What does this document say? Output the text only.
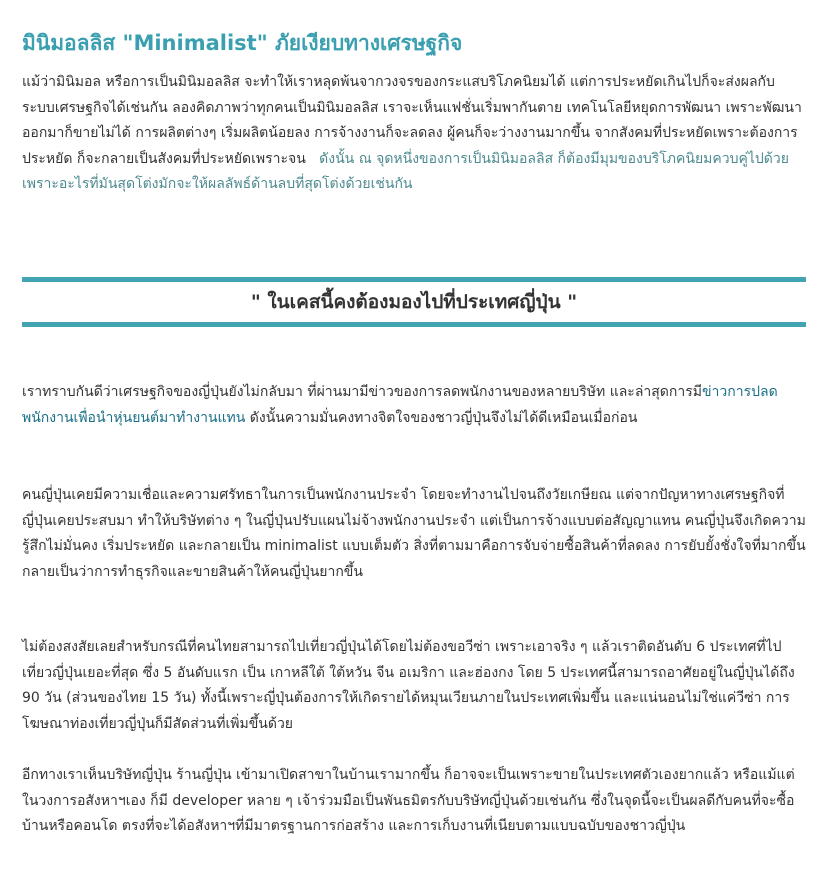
มินิมอลลิส "Minimalist" ภัยเงียบทางเศรษฐกิจ

แม้ว่ามินิมอล หรือการเป็นมินิมอลลิส จะทำให้เราหลุดพ้นจากวงจรของกระแสบริโภคนิยมได้ แต่การประหยัดเกินไปก็จะส่งผลกับระบบเศรษฐกิจได้เช่นกัน ลองคิดภาพว่าทุกคนเป็นมินิมอลลิส เราจะเห็นแฟชั่นเริ่มพากันตาย เทคโนโลยีหยุดการพัฒนา เพราะพัฒนาออกมาก็ขายไม่ได้ การผลิตต่างๆ เริ่มผลิตน้อยลง การจ้างงานก็จะลดลง ผู้คนก็จะว่างงานมากขึ้น จากสังคมที่ประหยัดเพราะต้องการประหยัด ก็จะกลายเป็นสังคมที่ประหยัดเพราะจน ดังนั้น ณ จุดหนึ่งของการเป็นมินิมอลลิส ก็ต้องมีมุมของบริโภคนิยมควบคู่ไปด้วย เพราะอะไรที่มันสุดโต่งมักจะให้ผลลัพธ์ด้านลบที่สุดโต่งด้วยเช่นกัน

" ในเคสนี้คงต้องมองไปที่ประเทศญี่ปุ่น "

เราทราบกันดีว่าเศรษฐกิจของญี่ปุ่นยังไม่กลับมา ที่ผ่านมามีข่าวของการลดพนักงานของหลายบริษัท และล่าสุดการมีข่าวการปลดพนักงานเพื่อนำหุ่นยนต์มาทำงานแทน ดังนั้นความมั่นคงทางจิตใจของชาวญี่ปุ่นจึงไม่ได้ดีเหมือนเมื่อก่อน

คนญี่ปุ่นเคยมีความเชื่อและความศรัทธาในการเป็นพนักงานประจำ โดยจะทำงานไปจนถึงวัยเกษียณ แต่จากปัญหาทางเศรษฐกิจที่ญี่ปุ่นเคยประสบมา ทำให้บริษัทต่าง ๆ ในญี่ปุ่นปรับแผนไม่จ้างพนักงานประจำ แต่เป็นการจ้างแบบต่อสัญญาแทน คนญี่ปุ่นจึงเกิดความรู้สึกไม่มั่นคง เริ่มประหยัด และกลายเป็น minimalist แบบเต็มตัว สิ่งที่ตามมาคือการจับจ่ายซื้อสินค้าที่ลดลง การยับยั้งชั่งใจที่มากขึ้น กลายเป็นว่าการทำธุรกิจและขายสินค้าให้คนญี่ปุ่นยากขึ้น

ไม่ต้องสงสัยเลยสำหรับกรณีที่คนไทยสามารถไปเที่ยวญี่ปุ่นได้โดยไม่ต้องขอวีซ่า เพราะเอาจริง ๆ แล้วเราติดอันดับ 6 ประเทศที่ไปเที่ยวญี่ปุ่นเยอะที่สุด ซึ่ง 5 อันดับแรก เป็น เกาหลีใต้ ใต้หวัน จีน อเมริกา และฮ่องกง โดย 5 ประเทศนี้สามารถอาศัยอยู่ในญี่ปุ่นได้ถึง 90 วัน (ส่วนของไทย 15 วัน) ทั้งนี้เพราะญี่ปุ่นต้องการให้เกิดรายได้หมุนเวียนภายในประเทศเพิ่มขึ้น และแน่นอนไม่ใช่แค่วีซ่า การโฆษณาท่องเที่ยวญี่ปุ่นก็มีสัดส่วนที่เพิ่มขึ้นด้วย

อีกทางเราเห็นบริษัทญี่ปุ่น ร้านญี่ปุ่น เข้ามาเปิดสาขาในบ้านเรามากขึ้น ก็อาจจะเป็นเพราะขายในประเทศตัวเองยากแล้ว หรือแม้แต่ในวงการอสังหาฯเอง ก็มี developer หลาย ๆ เจ้าร่วมมือเป็นพันธมิตรกับบริษัทญี่ปุ่นด้วยเช่นกัน ซึ่งในจุดนี้จะเป็นผลดีกับคนที่จะซื้อบ้านหรือคอนโด ตรงที่จะได้อสังหาฯที่มีมาตรฐานการก่อสร้าง และการเก็บงานที่เนียบตามแบบฉบับของชาวญี่ปุ่น
